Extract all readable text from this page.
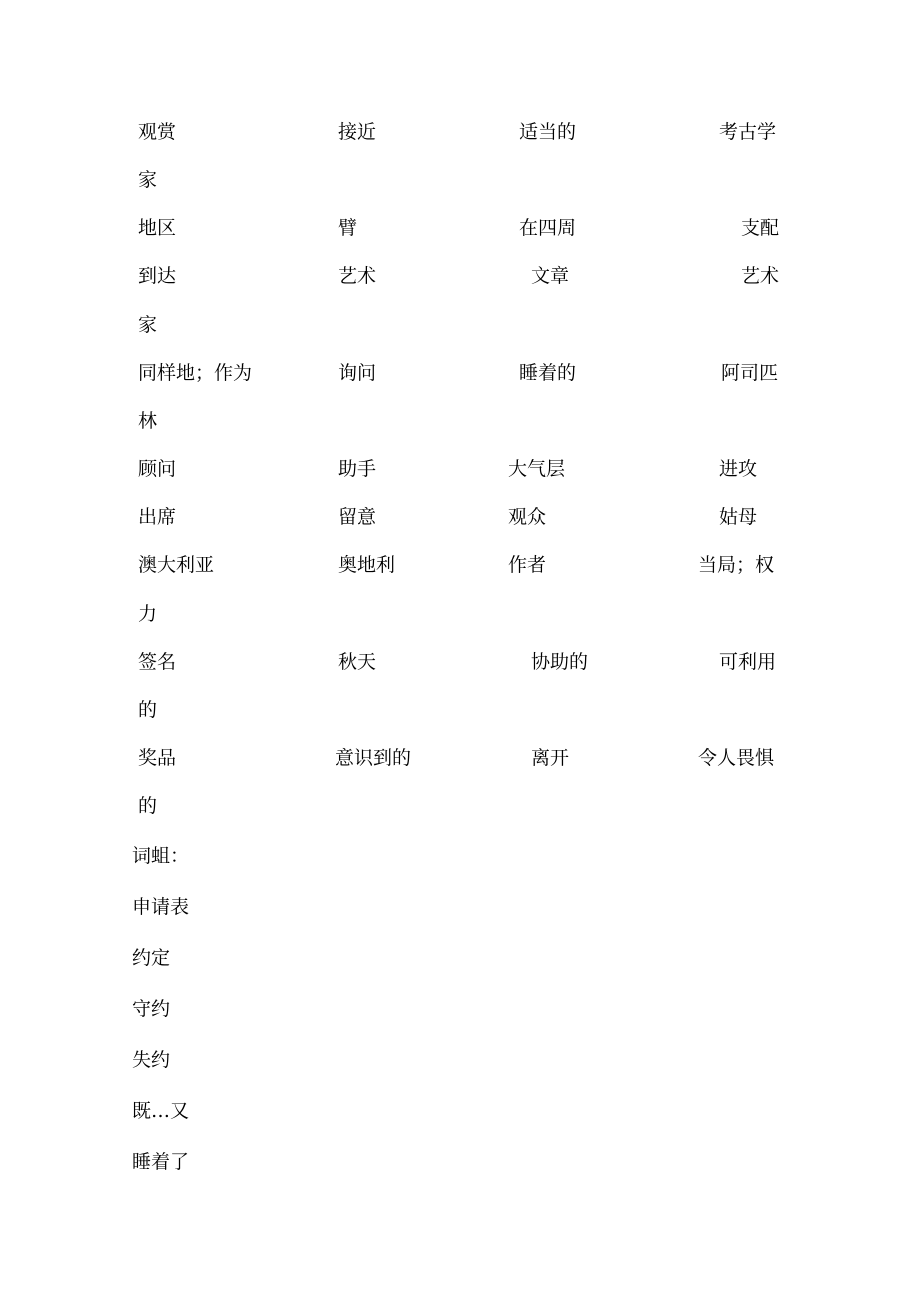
观赏	接近	适当的	考古学
家
地区	臂	在四周	支配
到达	艺术	文章	艺术
家
同样地；作为	询问	睡着的	阿司匹
林
顾问	助手	大气层	进攻
出席	留意	观众	姑母
澳大利亚	奥地利	作者	当局；权
力
签名	秋天	协助的	可利用
的
奖品	意识到的	离开	令人畏惧
的
词蛆：
申请表
约定
守约
失约
既…又
睡着了
